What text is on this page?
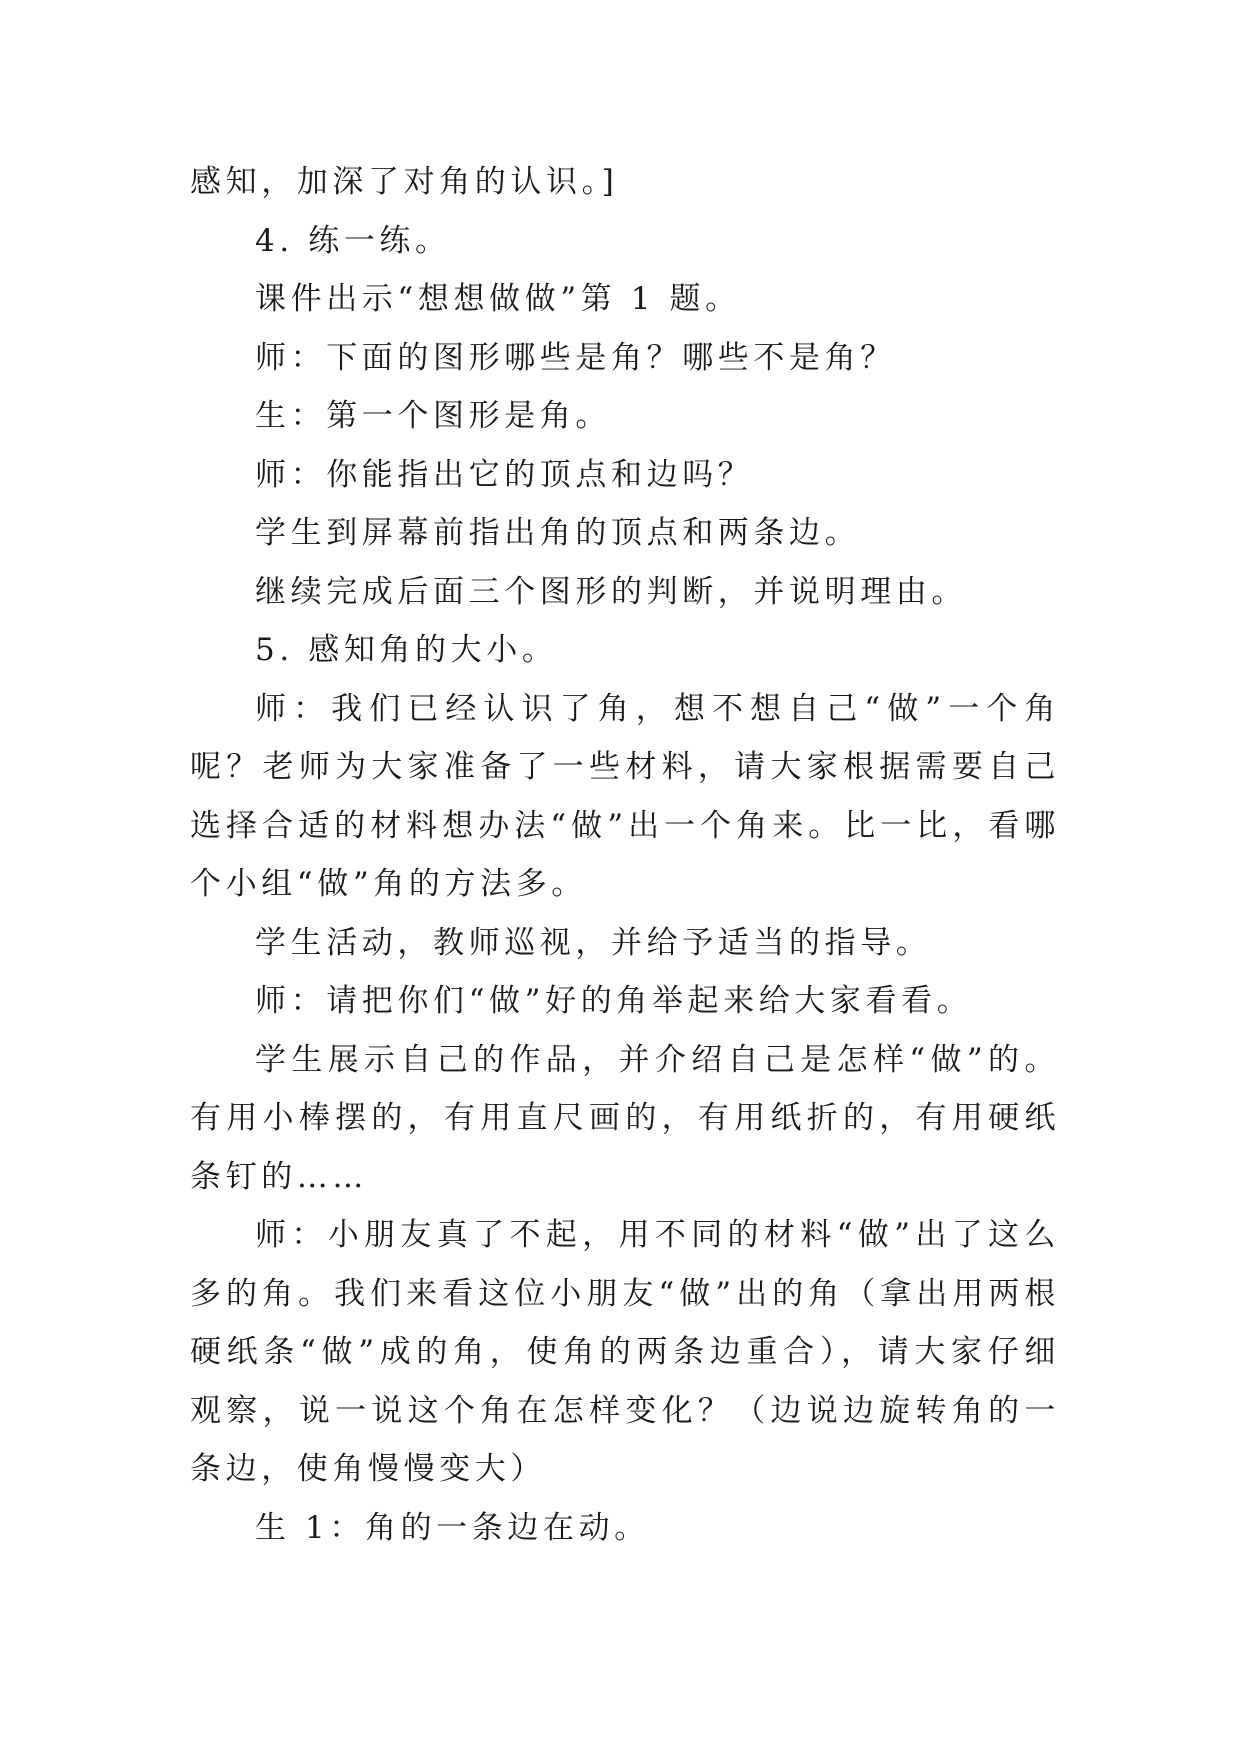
感知，加深了对角的认识。]

4. 练一练。

课件出示“想想做做”第 1 题。

师：下面的图形哪些是角？哪些不是角？

生：第一个图形是角。

师：你能指出它的顶点和边吗？

学生到屏幕前指出角的顶点和两条边。

继续完成后面三个图形的判断，并说明理由。

5. 感知角的大小。

师：我们已经认识了角，想不想自己“做”一个角呢？老师为大家准备了一些材料，请大家根据需要自己选择合适的材料想办法“做”出一个角来。比一比，看哪个小组“做”角的方法多。

学生活动，教师巡视，并给予适当的指导。

师：请把你们“做”好的角举起来给大家看看。

学生展示自己的作品，并介绍自己是怎样“做”的。有用小棒摆的，有用直尺画的，有用纸折的，有用硬纸条钉的……

师：小朋友真了不起，用不同的材料“做”出了这么多的角。我们来看这位小朋友“做”出的角（拿出用两根硬纸条“做”成的角，使角的两条边重合），请大家仔细观察，说一说这个角在怎样变化？（边说边旋转角的一条边，使角慢慢变大）

生 1：角的一条边在动。
